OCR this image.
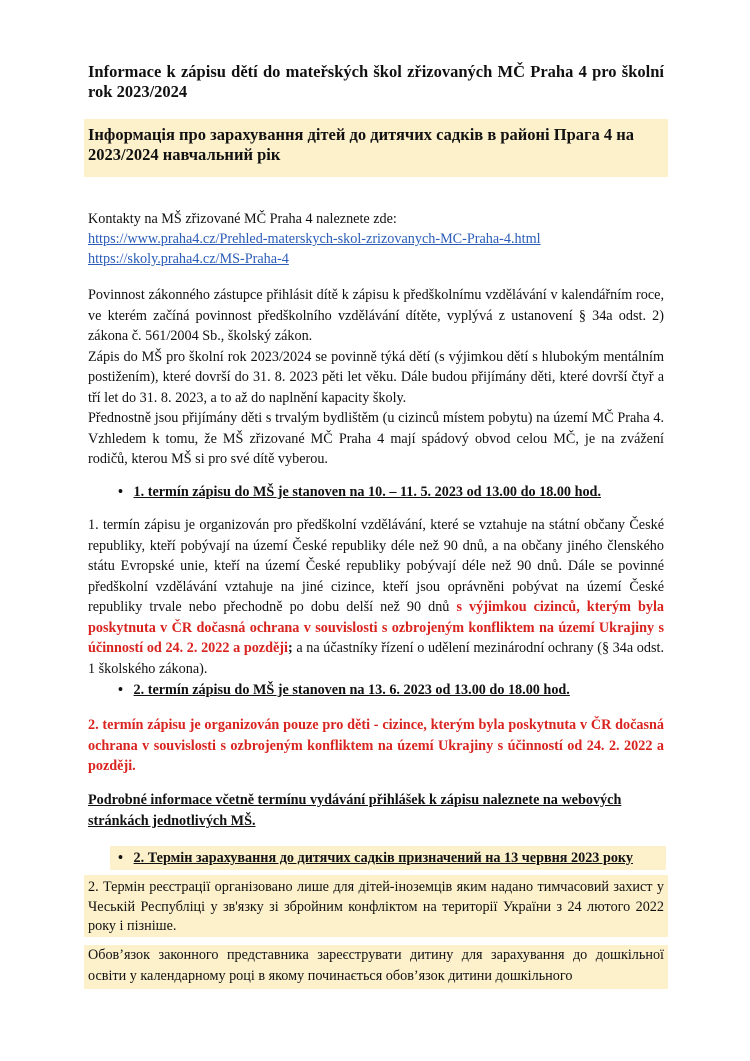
Informace k zápisu dětí do mateřských škol zřizovaných MČ Praha 4 pro školní rok 2023/2024

Інформація про зарахування дітей до дитячих садків в районі Прага 4 на 2023/2024 навчальний рік

Kontakty na MŠ zřizované MČ Praha 4 naleznete zde:

https://www.praha4.cz/Prehled-materskych-skol-zrizovanych-MC-Praha-4.html

https://skoly.praha4.cz/MS-Praha-4

Povinnost zákonného zástupce přihlásit dítě k zápisu k předškolnímu vzdělávání v kalendářním roce, ve kterém začíná povinnost předškolního vzdělávání dítěte, vyplývá z ustanovení § 34a odst. 2) zákona č. 561/2004 Sb., školský zákon.

Zápis do MŠ pro školní rok 2023/2024 se povinně týká dětí (s výjimkou dětí s hlubokým mentálním postižením), které dovrší do 31. 8. 2023 pěti let věku. Dále budou přijímány děti, které dovrší čtyř a tří let do 31. 8. 2023, a to až do naplnění kapacity školy.

Přednostně jsou přijímány děti s trvalým bydlištěm (u cizinců místem pobytu) na území MČ Praha 4. Vzhledem k tomu, že MŠ zřizované MČ Praha 4 mají spádový obvod celou MČ, je na zvážení rodičů, kterou MŠ si pro své dítě vyberou.

• 1. termín zápisu do MŠ je stanoven na 10. – 11. 5. 2023 od 13.00 do 18.00 hod.

1. termín zápisu je organizován pro předškolní vzdělávání, které se vztahuje na státní občany České republiky, kteří pobývají na území České republiky déle než 90 dnů, a na občany jiného členského státu Evropské unie, kteří na území České republiky pobývají déle než 90 dnů. Dále se povinné předškolní vzdělávání vztahuje na jiné cizince, kteří jsou oprávněni pobývat na území České republiky trvale nebo přechodně po dobu delší než 90 dnů s výjimkou cizinců, kterým byla poskytnuta v ČR dočasná ochrana v souvislosti s ozbrojeným konfliktem na území Ukrajiny s účinností od 24. 2. 2022 a později; a na účastníky řízení o udělení mezinárodní ochrany (§ 34a odst. 1 školského zákona).

• 2. termín zápisu do MŠ je stanoven na 13. 6. 2023 od 13.00 do 18.00 hod.

2. termín zápisu je organizován pouze pro děti - cizince, kterým byla poskytnuta v ČR dočasná ochrana v souvislosti s ozbrojeným konfliktem na území Ukrajiny s účinností od 24. 2. 2022 a později.

Podrobné informace včetně termínu vydávání přihlášek k zápisu naleznete na webových stránkách jednotlivých MŠ.

• 2. Термін зарахування до дитячих садків призначений на 13 червня 2023 року

2. Термін реєстрації організовано лише для дітей-іноземців яким надано тимчасовий захист у Чеській Республіці у зв'язку зі збройним конфліктом на території України з 24 лютого 2022 року і пізніше.

Обов’язок законного представника зареєструвати дитину для зарахування до дошкільної освіти у календарному році в якому починається обов’язок дитини дошкільного
